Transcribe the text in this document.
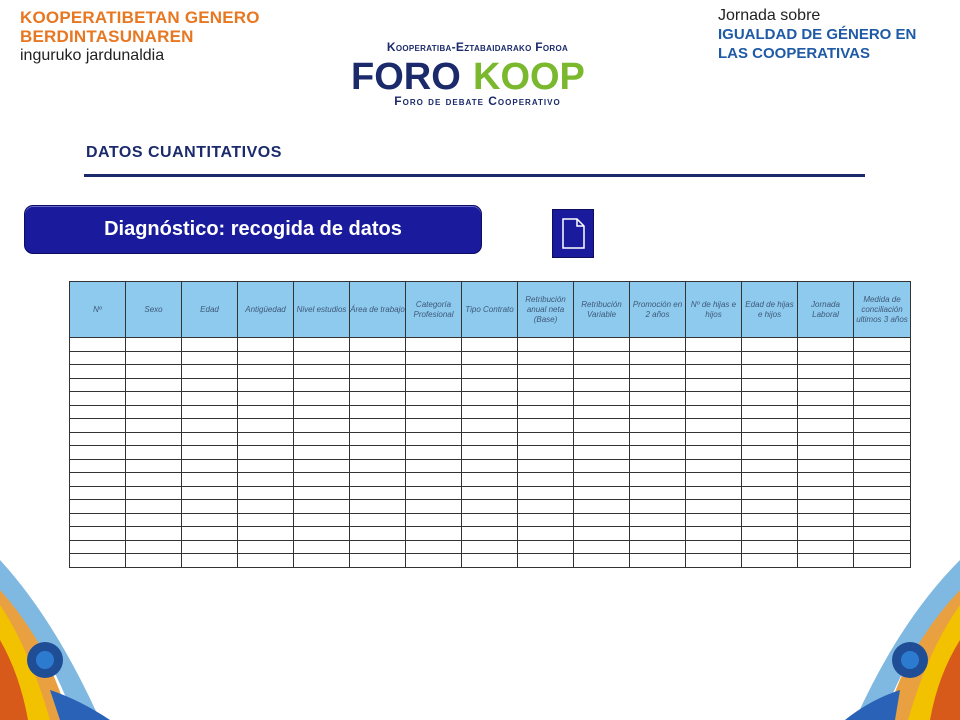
KOOPERATIBETAN GENERO
BERDINTASUNAREN
inguruko jardunaldia
Jornada sobre
IGUALDAD DE GÉNERO EN
LAS COOPERATIVAS
Kooperatiba-Eztabaidarako Foroa
FORO KOOP
Foro de debate Cooperativo
DATOS CUANTITATIVOS
Diagnóstico: recogida de datos
Nº	Sexo	Edad	Antigüedad	Nivel estudios	Área de trabajo	Categoría Profesional	Tipo Contrato	Retribución anual neta (Base)	Retribución Variable	Promoción en 2 años	Nº de hijas e hijos	Edad de hijas e hijos	Jornada Laboral	Medida de conciliación ultimos 3 años
